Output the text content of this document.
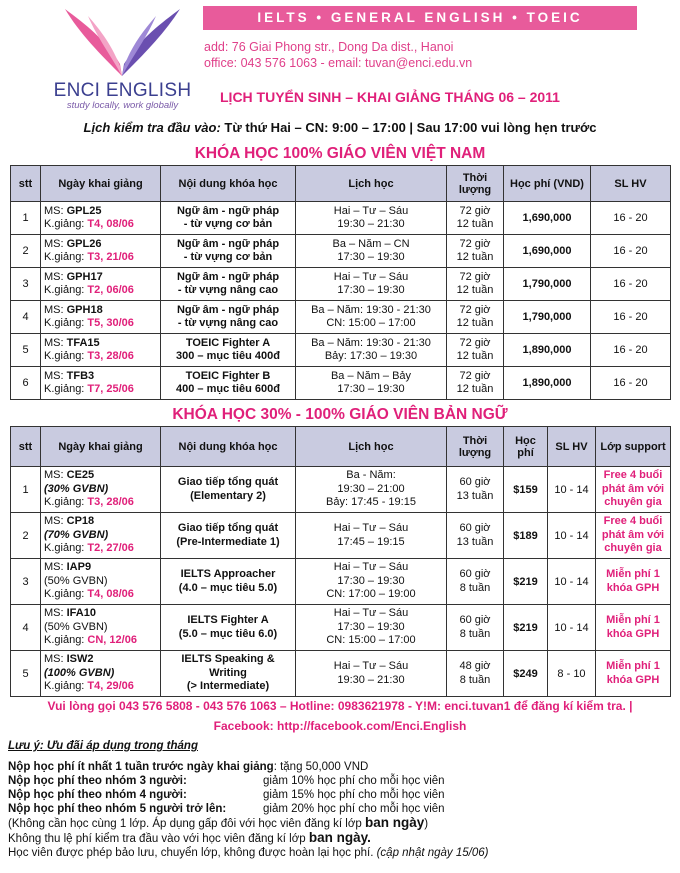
ENCI ENGLISH
study locally, work globally
IELTS • GENERAL ENGLISH • TOEIC
add: 76 Giai Phong str., Dong Da dist., Hanoi
office: 043 576 1063 - email: tuvan@enci.edu.vn
LỊCH TUYỂN SINH – KHAI GIẢNG THÁNG 06 – 2011
Lịch kiểm tra đầu vào: Từ thứ Hai – CN: 9:00 – 17:00 | Sau 17:00 vui lòng hẹn trước
KHÓA HỌC 100% GIÁO VIÊN VIỆT NAM
stt	Ngày khai giảng	Nội dung khóa học	Lịch học	Thời lượng	Học phí (VND)	SL HV
1	MS: GPL25
K.giảng: T4, 08/06	Ngữ âm - ngữ pháp
- từ vựng cơ bản	Hai – Tư – Sáu
19:30 – 21:30	72 giờ
12 tuần	1,690,000	16 - 20
2	MS: GPL26
K.giảng: T3, 21/06	Ngữ âm - ngữ pháp
- từ vựng cơ bản	Ba – Năm – CN
17:30 – 19:30	72 giờ
12 tuần	1,690,000	16 - 20
3	MS: GPH17
K.giảng: T2, 06/06	Ngữ âm - ngữ pháp
- từ vựng nâng cao	Hai – Tư – Sáu
17:30 – 19:30	72 giờ
12 tuần	1,790,000	16 - 20
4	MS: GPH18
K.giảng: T5, 30/06	Ngữ âm - ngữ pháp
- từ vựng nâng cao	Ba – Năm: 19:30 - 21:30
CN: 15:00 – 17:00	72 giờ
12 tuần	1,790,000	16 - 20
5	MS: TFA15
K.giảng: T3, 28/06	TOEIC Fighter A
300 – mục tiêu 400đ	Ba – Năm: 19:30 - 21:30
Bảy: 17:30 – 19:30	72 giờ
12 tuần	1,890,000	16 - 20
6	MS: TFB3
K.giảng: T7, 25/06	TOEIC Fighter B
400 – mục tiêu 600đ	Ba – Năm – Bảy
17:30 – 19:30	72 giờ
12 tuần	1,890,000	16 - 20
KHÓA HỌC 30% - 100% GIÁO VIÊN BẢN NGỮ
stt	Ngày khai giảng	Nội dung khóa học	Lịch học	Thời lượng	Học phí	SL HV	Lớp support
1	MS: CE25
(30% GVBN)
K.giảng: T3, 28/06	Giao tiếp tổng quát
(Elementary 2)	Ba - Năm:
19:30 – 21:00
Bảy: 17:45 - 19:15	60 giờ
13 tuần	$159	10 - 14	Free 4 buổi
phát âm với
chuyên gia

2	MS: CP18
(70% GVBN)
K.giảng: T2, 27/06	Giao tiếp tổng quát
(Pre-Intermediate 1)	Hai – Tư – Sáu
17:45 – 19:15	60 giờ
13 tuần	$189	10 - 14	Free 4 buổi
phát âm với
chuyên gia

3	MS: IAP9
(50% GVBN)
K.giảng: T4, 08/06	IELTS Approacher
(4.0 – mục tiêu 5.0)	Hai – Tư – Sáu
17:30 – 19:30
CN: 17:00 – 19:00	60 giờ
8 tuần	$219	10 - 14	Miễn phí 1
khóa GPH

4	MS: IFA10
(50% GVBN)
K.giảng: CN, 12/06	IELTS Fighter A
(5.0 – mục tiêu 6.0)	Hai – Tư – Sáu
17:30 – 19:30
CN: 15:00 – 17:00	60 giờ
8 tuần	$219	10 - 14	Miễn phí 1
khóa GPH

5	MS: ISW2
(100% GVBN)
K.giảng: T4, 29/06	IELTS Speaking &
Writing
(> Intermediate)	Hai – Tư – Sáu
19:30 – 21:30	48 giờ
8 tuần	$249	8 - 10	Miễn phí 1
khóa GPH
Vui lòng gọi 043 576 5808 - 043 576 1063 – Hotline: 0983621978 - Y!M: enci.tuvan1 để đăng kí kiểm tra. |
Facebook: http://facebook.com/Enci.English
Lưu ý: Ưu đãi áp dụng trong tháng
Nộp học phí ít nhất 1 tuần trước ngày khai giảng: tặng 50,000 VND
Nộp học phí theo nhóm 3 người:	giảm 10% học phí cho mỗi học viên
Nộp học phí theo nhóm 4 người:	giảm 15% học phí cho mỗi học viên
Nộp học phí theo nhóm 5 người trở lên:	giảm 20% học phí cho mỗi học viên

(Không cần học cùng 1 lớp. Áp dụng gấp đôi với học viên đăng kí lớp ban ngày)

Không thu lệ phí kiểm tra đầu vào với học viên đăng kí lớp ban ngày.

Học viên được phép bảo lưu, chuyển lớp, không được hoàn lại học phí. (cập nhật ngày 15/06)
